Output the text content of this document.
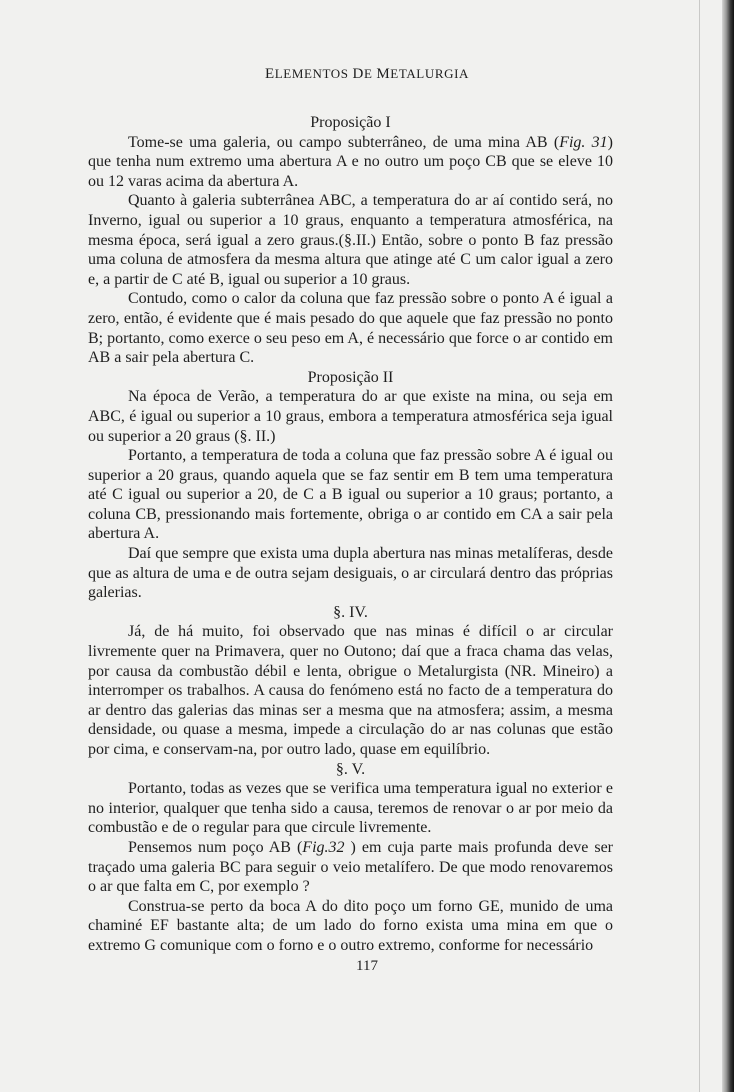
ELEMENTOS DE METALURGIA

Proposição I

Tome-se uma galeria, ou campo subterrâneo, de uma mina AB (Fig. 31) que tenha num extremo uma abertura A e no outro um poço CB que se eleve 10 ou 12 varas acima da abertura A.

Quanto à galeria subterrânea ABC, a temperatura do ar aí contido será, no Inverno, igual ou superior a 10 graus, enquanto a temperatura atmosférica, na mesma época, será igual a zero graus.(§.II.) Então, sobre o ponto B faz pressão uma coluna de atmosfera da mesma altura que atinge até C um calor igual a zero e, a partir de C até B, igual ou superior a 10 graus.

Contudo, como o calor da coluna que faz pressão sobre o ponto A é igual a zero, então, é evidente que é mais pesado do que aquele que faz pressão no ponto B; portanto, como exerce o seu peso em A, é necessário que force o ar contido em AB a sair pela abertura C.

Proposição II

Na época de Verão, a temperatura do ar que existe na mina, ou seja em ABC, é igual ou superior a 10 graus, embora a temperatura atmosférica seja igual ou superior a 20 graus (§. II.)

Portanto, a temperatura de toda a coluna que faz pressão sobre A é igual ou superior a 20 graus, quando aquela que se faz sentir em B tem uma temperatura até C igual ou superior a 20, de C a B igual ou superior a 10 graus; portanto, a coluna CB, pressionando mais fortemente, obriga o ar contido em CA a sair pela abertura A.

Daí que sempre que exista uma dupla abertura nas minas metalíferas, desde que as altura de uma e de outra sejam desiguais, o ar circulará dentro das próprias galerias.

§. IV.

Já, de há muito, foi observado que nas minas é difícil o ar circular livremente quer na Primavera, quer no Outono; daí que a fraca chama das velas, por causa da combustão débil e lenta, obrigue o Metalurgista (NR. Mineiro) a interromper os trabalhos. A causa do fenómeno está no facto de a temperatura do ar dentro das galerias das minas ser a mesma que na atmosfera; assim, a mesma densidade, ou quase a mesma, impede a circulação do ar nas colunas que estão por cima, e conservam-na, por outro lado, quase em equilíbrio.

§. V.

Portanto, todas as vezes que se verifica uma temperatura igual no exterior e no interior, qualquer que tenha sido a causa, teremos de renovar o ar por meio da combustão e de o regular para que circule livremente.

Pensemos num poço AB (Fig.32 ) em cuja parte mais profunda deve ser traçado uma galeria BC para seguir o veio metalífero. De que modo renovaremos o ar que falta em C, por exemplo ?

Construa-se perto da boca A do dito poço um forno GE, munido de uma chaminé EF bastante alta; de um lado do forno exista uma mina em que o extremo G comunique com o forno e o outro extremo, conforme for necessário

117
